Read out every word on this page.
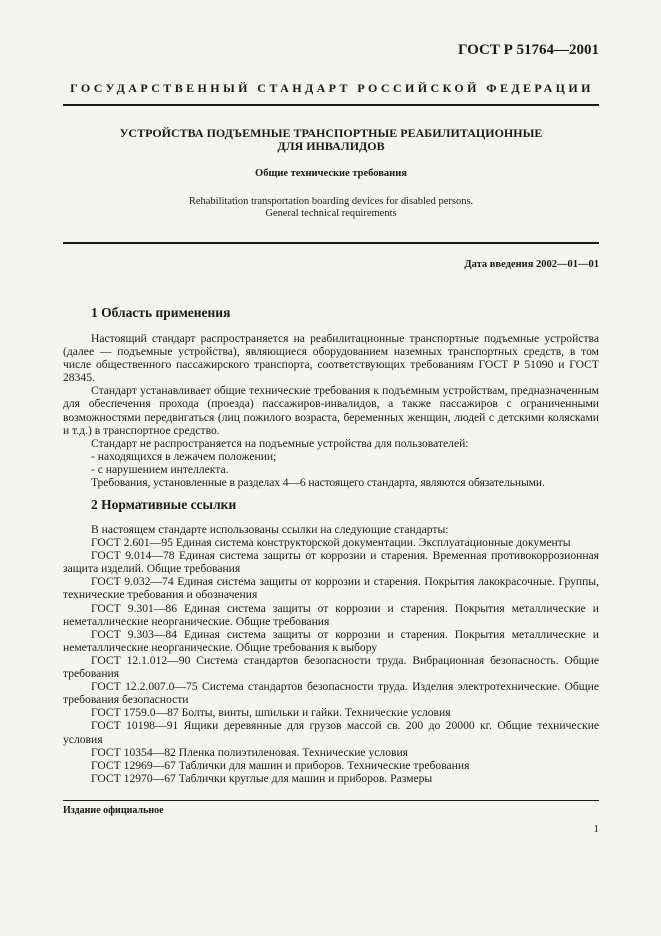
ГОСТ Р 51764—2001
ГОСУДАРСТВЕННЫЙ СТАНДАРТ РОССИЙСКОЙ ФЕДЕРАЦИИ
УСТРОЙСТВА ПОДЪЕМНЫЕ ТРАНСПОРТНЫЕ РЕАБИЛИТАЦИОННЫЕ
ДЛЯ ИНВАЛИДОВ
Общие технические требования
Rehabilitation transportation boarding devices for disabled persons.
General technical requirements
Дата введения 2002—01—01
1 Область применения

Настоящий стандарт распространяется на реабилитационные транспортные подъемные устройства (далее — подъемные устройства), являющиеся оборудованием наземных транспортных средств, в том числе общественного пассажирского транспорта, соответствующих требованиям ГОСТ Р 51090 и ГОСТ 28345.

Стандарт устанавливает общие технические требования к подъемным устройствам, предназначенным для обеспечения прохода (проезда) пассажиров-инвалидов, а также пассажиров с ограниченными возможностями передвигаться (лиц пожилого возраста, беременных женщин, людей с детскими колясками и т.д.) в транспортное средство.

Стандарт не распространяется на подъемные устройства для пользователей:

- находящихся в лежачем положении;

- с нарушением интеллекта.

Требования, установленные в разделах 4—6 настоящего стандарта, являются обязательными.

2 Нормативные ссылки

В настоящем стандарте использованы ссылки на следующие стандарты:

ГОСТ 2.601—95 Единая система конструкторской документации. Эксплуатационные документы

ГОСТ 9.014—78 Единая система защиты от коррозии и старения. Временная противокоррозионная защита изделий. Общие требования

ГОСТ 9.032—74 Единая система защиты от коррозии и старения. Покрытия лакокрасочные. Группы, технические требования и обозначения

ГОСТ 9.301—86 Единая система защиты от коррозии и старения. Покрытия металлические и неметаллические неорганические. Общие требования

ГОСТ 9.303—84 Единая система защиты от коррозии и старения. Покрытия металлические и неметаллические неорганические. Общие требования к выбору

ГОСТ 12.1.012—90 Система стандартов безопасности труда. Вибрационная безопасность. Общие требования

ГОСТ 12.2.007.0—75 Система стандартов безопасности труда. Изделия электротехнические. Общие требования безопасности

ГОСТ 1759.0—87 Болты, винты, шпильки и гайки. Технические условия

ГОСТ 10198—91 Ящики деревянные для грузов массой св. 200 до 20000 кг. Общие технические условия

ГОСТ 10354—82 Пленка полиэтиленовая. Технические условия

ГОСТ 12969—67 Таблички для машин и приборов. Технические требования

ГОСТ 12970—67 Таблички круглые для машин и приборов. Размеры

Издание официальное
1
